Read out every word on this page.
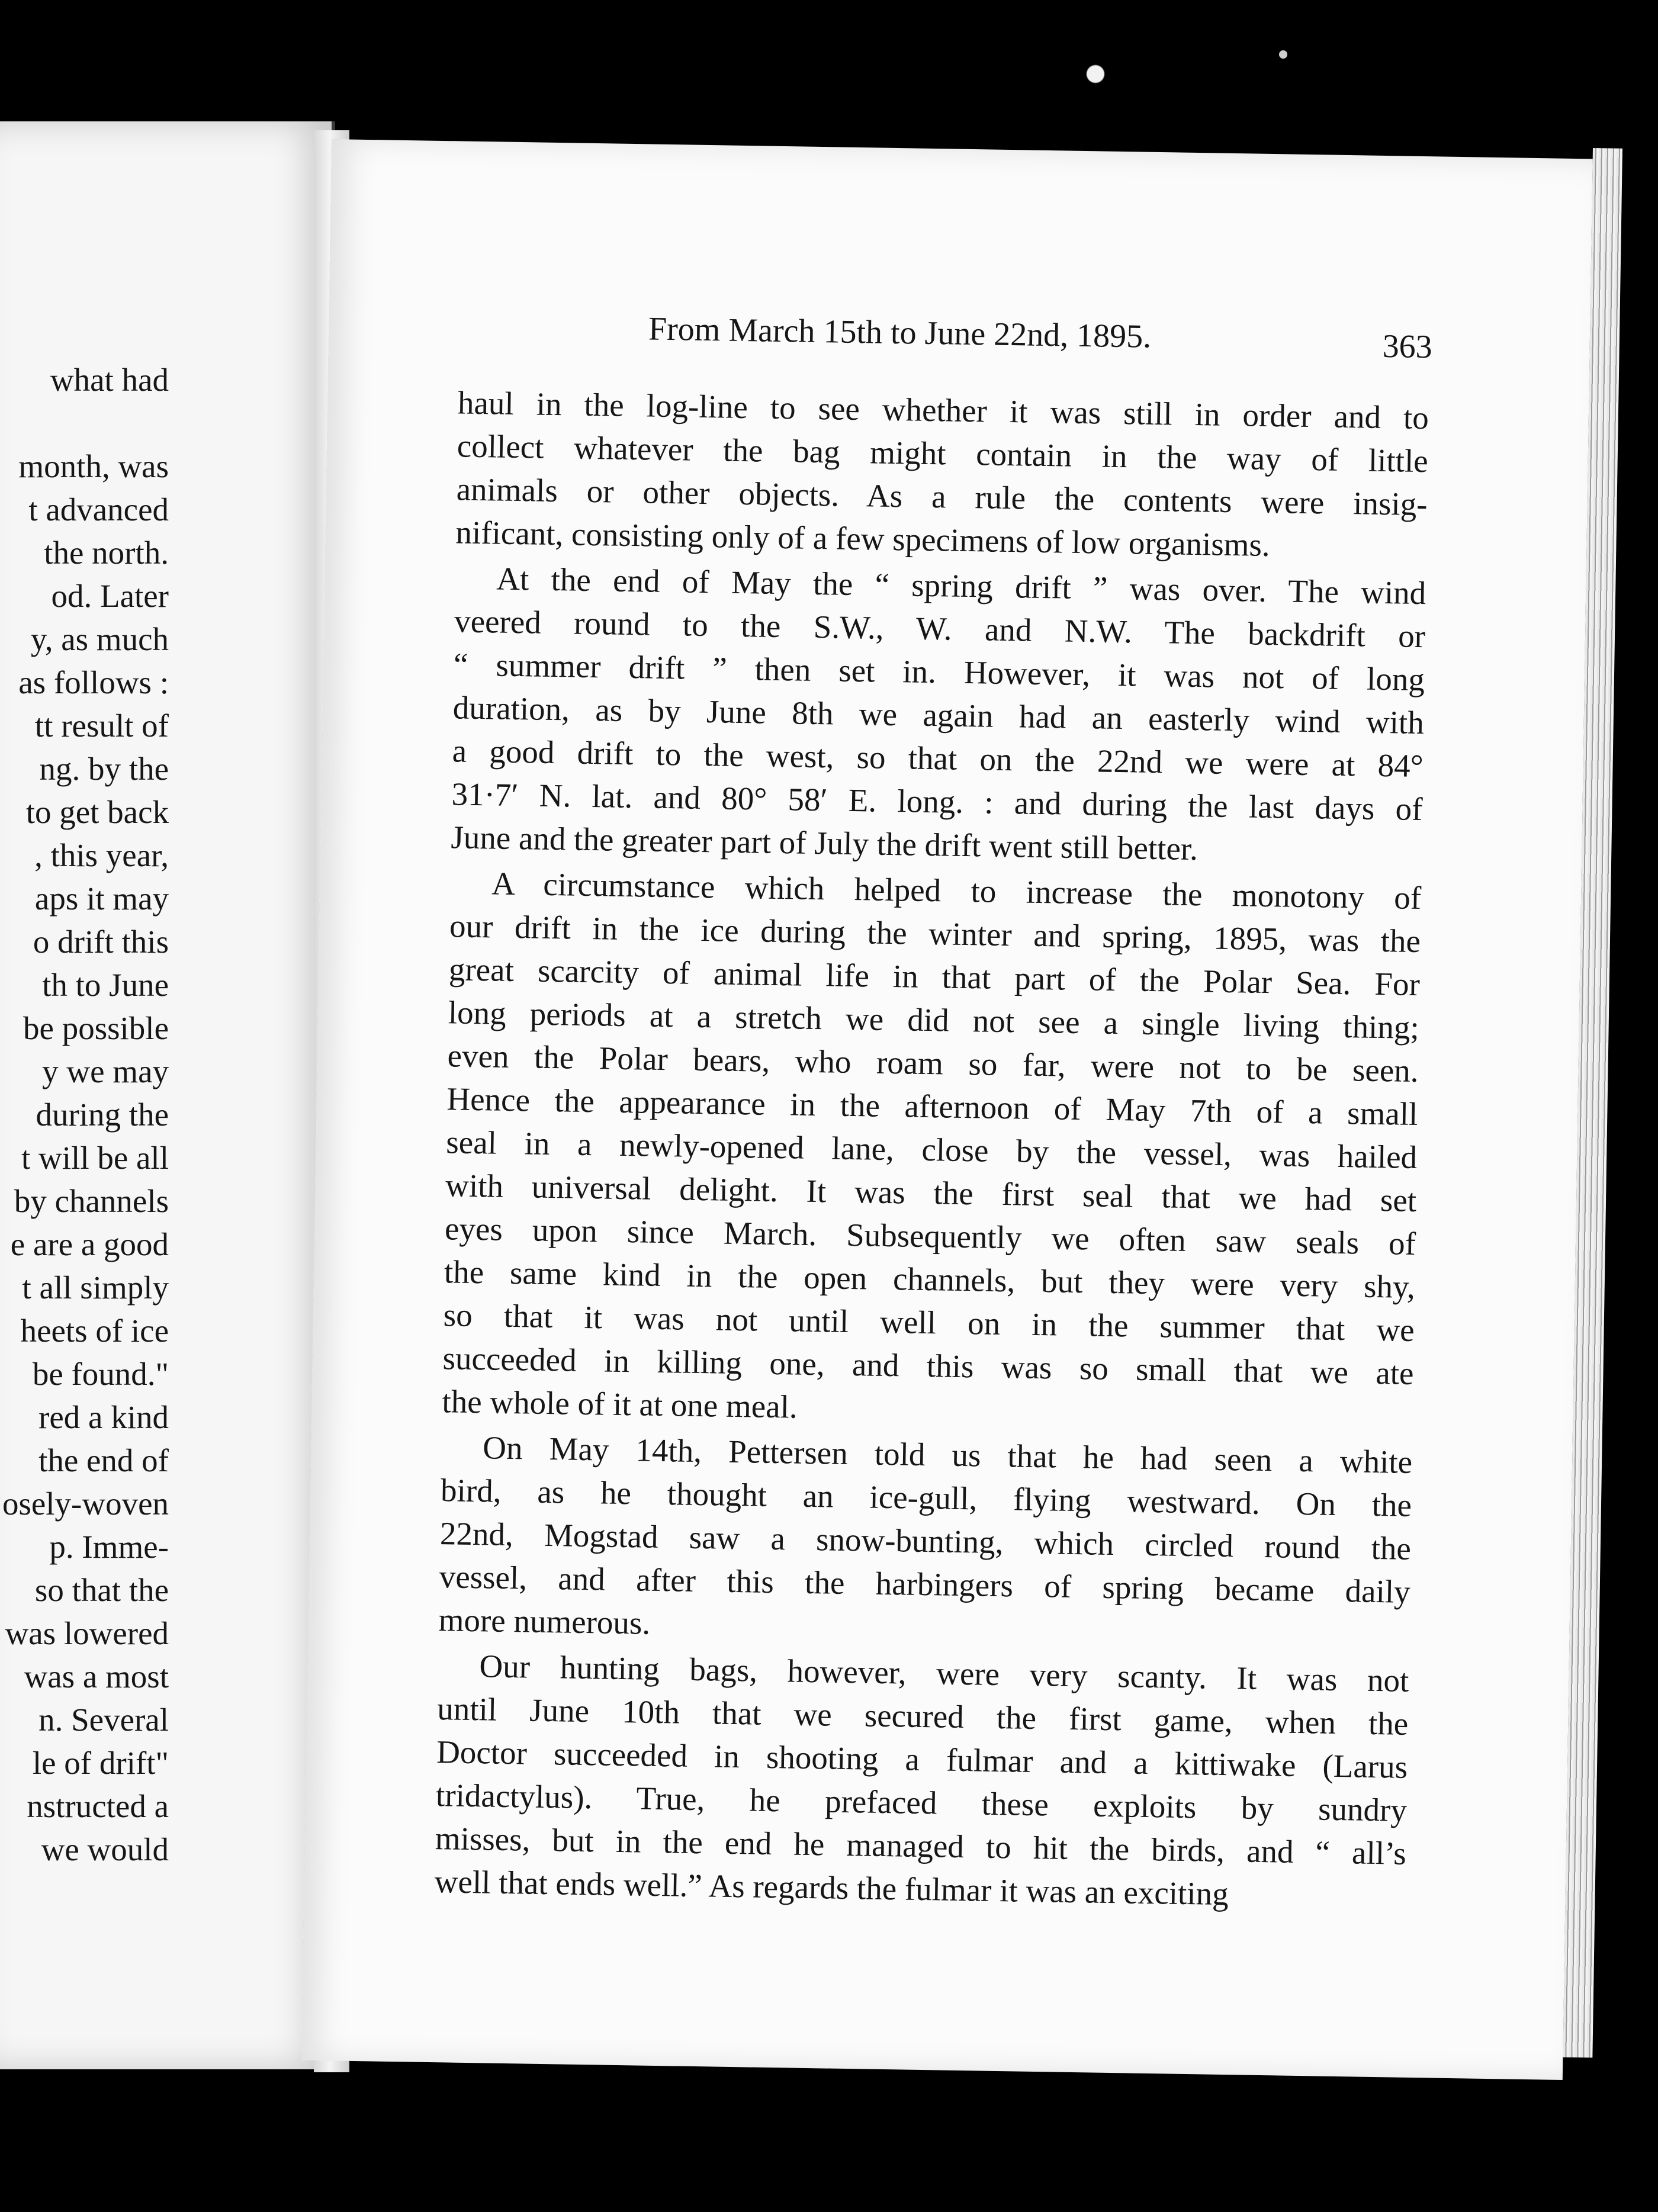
what had
month, was
t advanced
the north.
od. Later
y, as much
as follows :
tt result of
ng. by the
to get back
, this year,
aps it may
o drift this
th to June
be possible
y we may
during the
t will be all
by channels
e are a good
t all simply
heets of ice
be found."
red a kind
the end of
osely-woven
p. Imme-
so that the
was lowered
was a most
n. Several
le of drift"
nstructed a
we would
From March 15th to June 22nd, 1895.	363
haul in the log-line to see whether it was still in order and to
collect whatever the bag might contain in the way of little
animals or other objects. As a rule the contents were insig-
nificant, consisting only of a few specimens of low organisms.
At the end of May the “ spring drift ” was over. The wind
veered round to the S.W., W. and N.W. The backdrift or
“ summer drift ” then set in. However, it was not of long
duration, as by June 8th we again had an easterly wind with
a good drift to the west, so that on the 22nd we were at 84°
31·7′ N. lat. and 80° 58′ E. long. : and during the last days of
June and the greater part of July the drift went still better.
A circumstance which helped to increase the monotony of
our drift in the ice during the winter and spring, 1895, was the
great scarcity of animal life in that part of the Polar Sea. For
long periods at a stretch we did not see a single living thing;
even the Polar bears, who roam so far, were not to be seen.
Hence the appearance in the afternoon of May 7th of a small
seal in a newly-opened lane, close by the vessel, was hailed
with universal delight. It was the first seal that we had set
eyes upon since March. Subsequently we often saw seals of
the same kind in the open channels, but they were very shy,
so that it was not until well on in the summer that we
succeeded in killing one, and this was so small that we ate
the whole of it at one meal.
On May 14th, Pettersen told us that he had seen a white
bird, as he thought an ice-gull, flying westward. On the
22nd, Mogstad saw a snow-bunting, which circled round the
vessel, and after this the harbingers of spring became daily
more numerous.
Our hunting bags, however, were very scanty. It was not
until June 10th that we secured the first game, when the
Doctor succeeded in shooting a fulmar and a kittiwake (Larus
tridactylus). True, he prefaced these exploits by sundry
misses, but in the end he managed to hit the birds, and “ all’s
well that ends well.” As regards the fulmar it was an exciting
